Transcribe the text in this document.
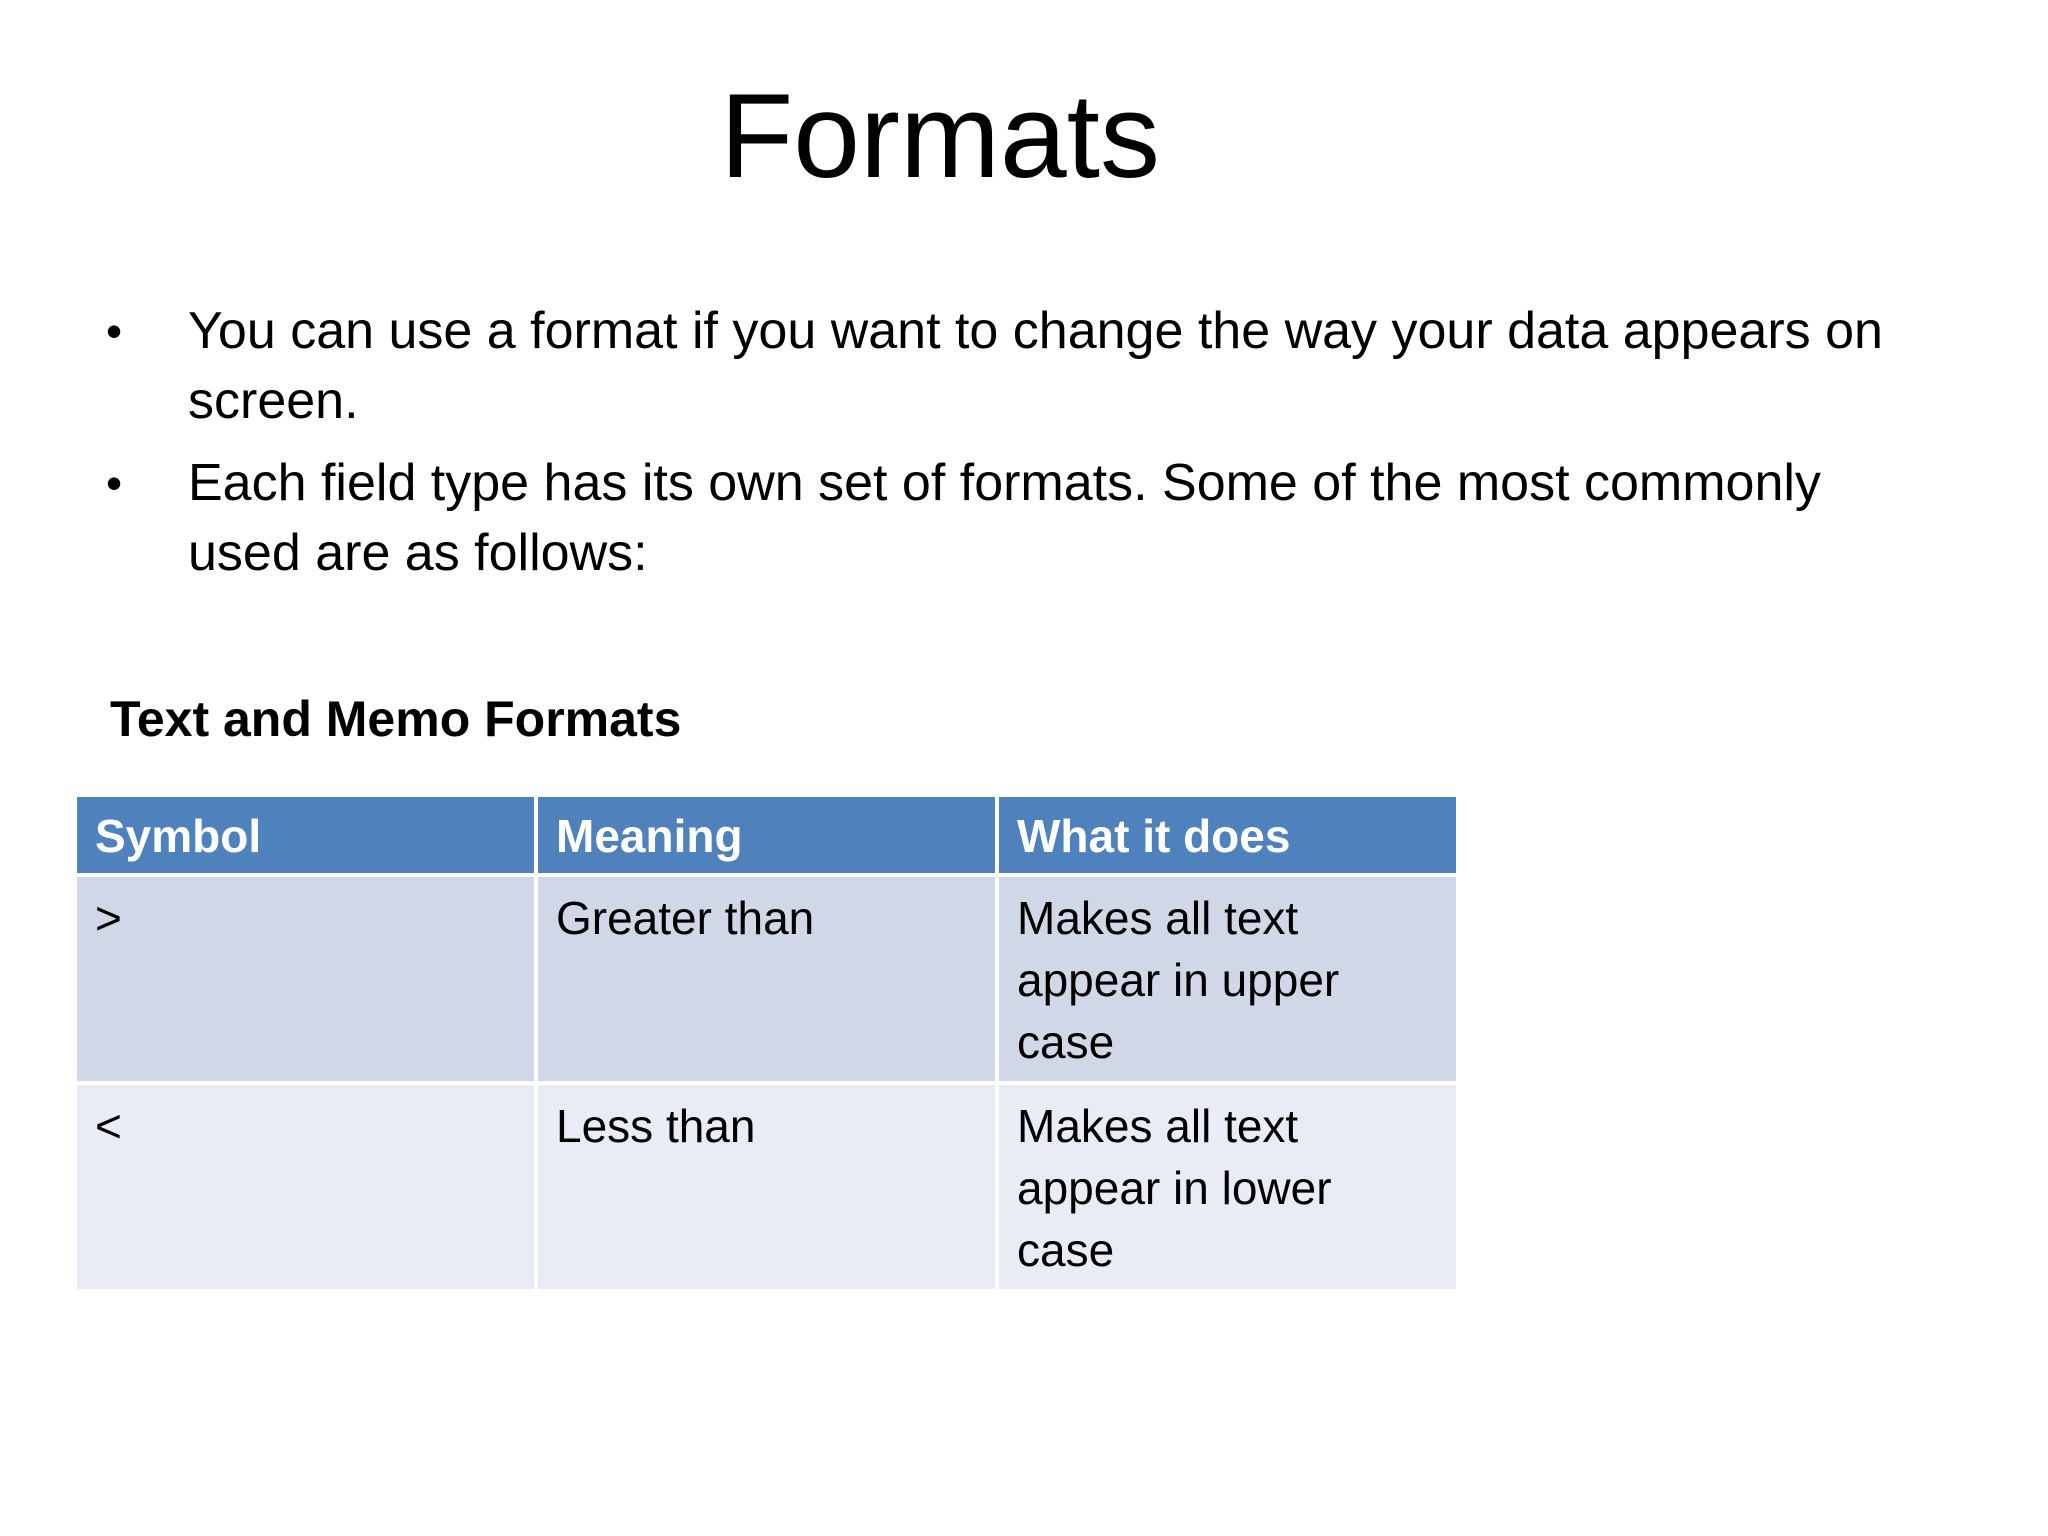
Formats
•	You can use a format if you want to change the way your data appears on screen.
•	Each field type has its own set of formats. Some of the most commonly used are as follows:
Text and Memo Formats
Symbol	Meaning	What it does
>	Greater than	Makes all text appear in upper case
<	Less than	Makes all text appear in lower case
